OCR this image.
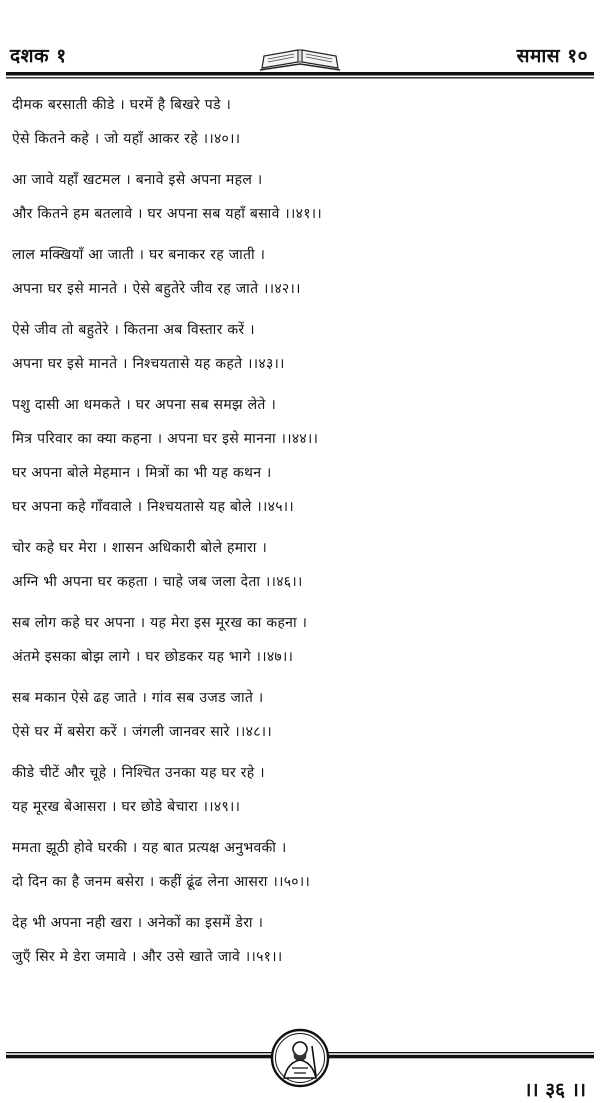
दशक १	समास १०
दीमक बरसाती कीडे । घरमें है बिखरे पडे ।
ऐसे कितने कहे । जो यहाँ आकर रहे ।।४०।।
आ जावे यहाँ खटमल । बनावे इसे अपना महल ।
और कितने हम बतलावे । घर अपना सब यहाँ बसावे ।।४१।।
लाल मक्खियाँ आ जाती । घर बनाकर रह जाती ।
अपना घर इसे मानते । ऐसे बहुतेरे जीव रह जाते ।।४२।।
ऐसे जीव तो बहुतेरे । कितना अब विस्तार करें ।
अपना घर इसे मानते । निश्चयतासे यह कहते ।।४३।।
पशु दासी आ धमकते । घर अपना सब समझ लेते ।
मित्र परिवार का क्या कहना । अपना घर इसे मानना ।।४४।।
घर अपना बोले मेहमान । मित्रों का भी यह कथन ।
घर अपना कहे गाँववाले । निश्चयतासे यह बोले ।।४५।।
चोर कहे घर मेरा । शासन अधिकारी बोले हमारा ।
अग्नि भी अपना घर कहता । चाहे जब जला देता ।।४६।।
सब लोग कहे घर अपना । यह मेरा इस मूरख का कहना ।
अंतमे इसका बोझ लागे । घर छोडकर यह भागे ।।४७।।
सब मकान ऐसे ढह जाते । गांव सब उजड जाते ।
ऐसे घर में बसेरा करें । जंगली जानवर सारे ।।४८।।
कीडे चीटें और चूहे । निश्चित उनका यह घर रहे ।
यह मूरख बेआसरा । घर छोडे बेचारा ।।४९।।
ममता झूठी होवे घरकी । यह बात प्रत्यक्ष अनुभवकी ।
दो दिन का है जनम बसेरा । कहीं ढूंढ लेना आसरा ।।५०।।
देह भी अपना नही खरा । अनेकों का इसमें डेरा ।
जुएँ सिर मे डेरा जमावे । और उसे खाते जावे ।।५१।।
।। ३६ ।।
